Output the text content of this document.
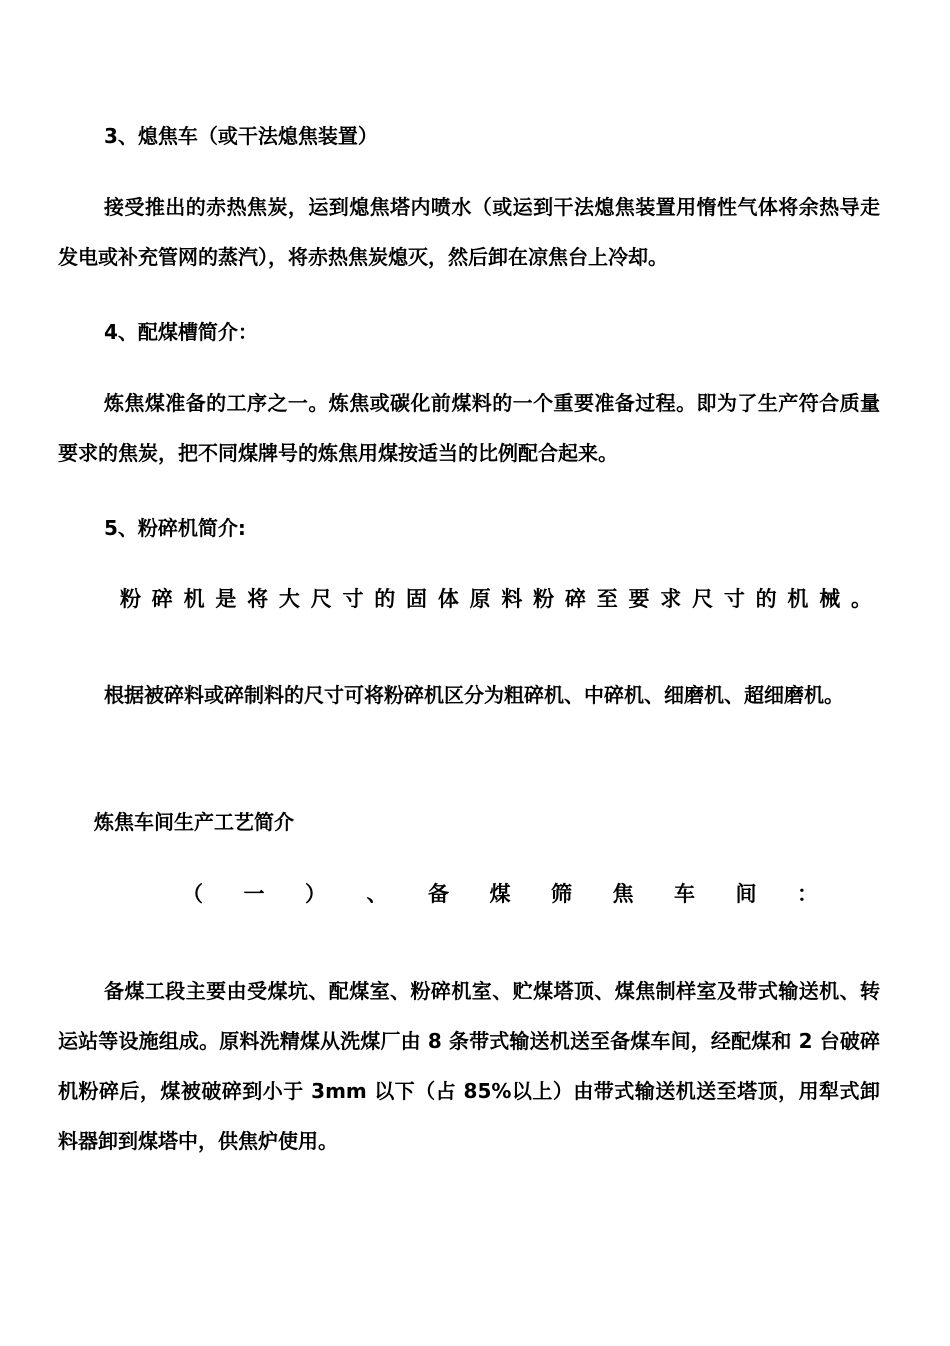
3、熄焦车（或干法熄焦装置）
接受推出的赤热焦炭，运到熄焦塔内喷水（或运到干法熄焦装置用惰性气体将余热导走发电或补充管网的蒸汽），将赤热焦炭熄灭，然后卸在凉焦台上冷却。
4、配煤槽简介：
炼焦煤准备的工序之一。炼焦或碳化前煤料的一个重要准备过程。即为了生产符合质量要求的焦炭，把不同煤牌号的炼焦用煤按适当的比例配合起来。
5、粉碎机简介:
粉 碎 机 是 将 大 尺 寸 的 固 体 原 料 粉 碎 至 要 求 尺 寸 的 机 械 。
根据被碎料或碎制料的尺寸可将粉碎机区分为粗碎机、中碎机、细磨机、超细磨机。
炼焦车间生产工艺简介
（ 一 ） 、 备 煤 筛 焦 车 间 ：
备煤工段主要由受煤坑、配煤室、粉碎机室、贮煤塔顶、煤焦制样室及带式输送机、转运站等设施组成。原料洗精煤从洗煤厂由 8 条带式输送机送至备煤车间，经配煤和 2 台破碎机粉碎后，煤被破碎到小于 3mm 以下（占 85%以上）由带式输送机送至塔顶，用犁式卸料器卸到煤塔中，供焦炉使用。
